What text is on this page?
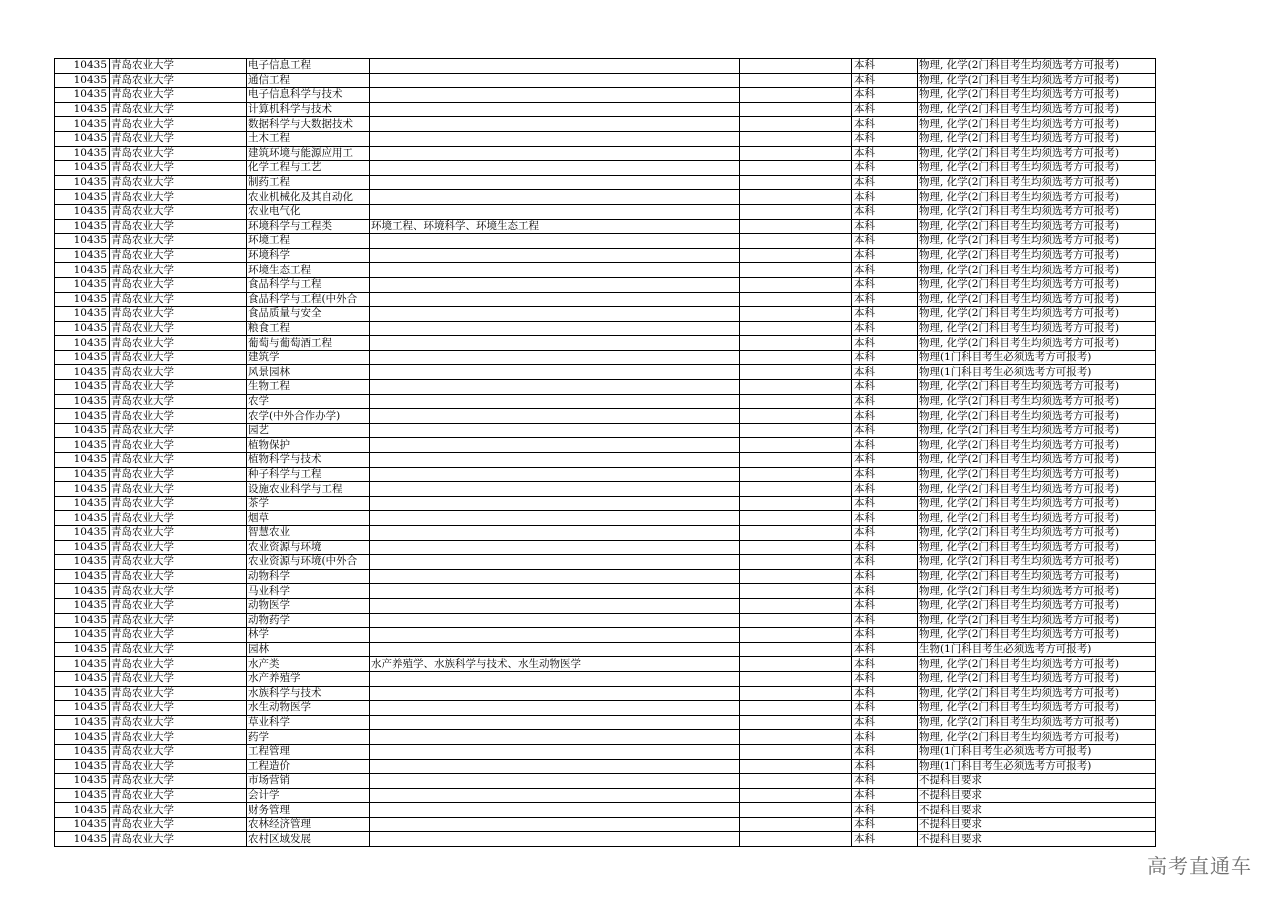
10435	青岛农业大学	电子信息工程			本科	物理, 化学(2门科目考生均须选考方可报考)
10435	青岛农业大学	通信工程			本科	物理, 化学(2门科目考生均须选考方可报考)
10435	青岛农业大学	电子信息科学与技术			本科	物理, 化学(2门科目考生均须选考方可报考)
10435	青岛农业大学	计算机科学与技术			本科	物理, 化学(2门科目考生均须选考方可报考)
10435	青岛农业大学	数据科学与大数据技术			本科	物理, 化学(2门科目考生均须选考方可报考)
10435	青岛农业大学	土木工程			本科	物理, 化学(2门科目考生均须选考方可报考)
10435	青岛农业大学	建筑环境与能源应用工			本科	物理, 化学(2门科目考生均须选考方可报考)
10435	青岛农业大学	化学工程与工艺			本科	物理, 化学(2门科目考生均须选考方可报考)
10435	青岛农业大学	制药工程			本科	物理, 化学(2门科目考生均须选考方可报考)
10435	青岛农业大学	农业机械化及其自动化			本科	物理, 化学(2门科目考生均须选考方可报考)
10435	青岛农业大学	农业电气化			本科	物理, 化学(2门科目考生均须选考方可报考)
10435	青岛农业大学	环境科学与工程类	环境工程、环境科学、环境生态工程		本科	物理, 化学(2门科目考生均须选考方可报考)
10435	青岛农业大学	环境工程			本科	物理, 化学(2门科目考生均须选考方可报考)
10435	青岛农业大学	环境科学			本科	物理, 化学(2门科目考生均须选考方可报考)
10435	青岛农业大学	环境生态工程			本科	物理, 化学(2门科目考生均须选考方可报考)
10435	青岛农业大学	食品科学与工程			本科	物理, 化学(2门科目考生均须选考方可报考)
10435	青岛农业大学	食品科学与工程(中外合			本科	物理, 化学(2门科目考生均须选考方可报考)
10435	青岛农业大学	食品质量与安全			本科	物理, 化学(2门科目考生均须选考方可报考)
10435	青岛农业大学	粮食工程			本科	物理, 化学(2门科目考生均须选考方可报考)
10435	青岛农业大学	葡萄与葡萄酒工程			本科	物理, 化学(2门科目考生均须选考方可报考)
10435	青岛农业大学	建筑学			本科	物理(1门科目考生必须选考方可报考)
10435	青岛农业大学	风景园林			本科	物理(1门科目考生必须选考方可报考)
10435	青岛农业大学	生物工程			本科	物理, 化学(2门科目考生均须选考方可报考)
10435	青岛农业大学	农学			本科	物理, 化学(2门科目考生均须选考方可报考)
10435	青岛农业大学	农学(中外合作办学)			本科	物理, 化学(2门科目考生均须选考方可报考)
10435	青岛农业大学	园艺			本科	物理, 化学(2门科目考生均须选考方可报考)
10435	青岛农业大学	植物保护			本科	物理, 化学(2门科目考生均须选考方可报考)
10435	青岛农业大学	植物科学与技术			本科	物理, 化学(2门科目考生均须选考方可报考)
10435	青岛农业大学	种子科学与工程			本科	物理, 化学(2门科目考生均须选考方可报考)
10435	青岛农业大学	设施农业科学与工程			本科	物理, 化学(2门科目考生均须选考方可报考)
10435	青岛农业大学	茶学			本科	物理, 化学(2门科目考生均须选考方可报考)
10435	青岛农业大学	烟草			本科	物理, 化学(2门科目考生均须选考方可报考)
10435	青岛农业大学	智慧农业			本科	物理, 化学(2门科目考生均须选考方可报考)
10435	青岛农业大学	农业资源与环境			本科	物理, 化学(2门科目考生均须选考方可报考)
10435	青岛农业大学	农业资源与环境(中外合			本科	物理, 化学(2门科目考生均须选考方可报考)
10435	青岛农业大学	动物科学			本科	物理, 化学(2门科目考生均须选考方可报考)
10435	青岛农业大学	马业科学			本科	物理, 化学(2门科目考生均须选考方可报考)
10435	青岛农业大学	动物医学			本科	物理, 化学(2门科目考生均须选考方可报考)
10435	青岛农业大学	动物药学			本科	物理, 化学(2门科目考生均须选考方可报考)
10435	青岛农业大学	林学			本科	物理, 化学(2门科目考生均须选考方可报考)
10435	青岛农业大学	园林			本科	生物(1门科目考生必须选考方可报考)
10435	青岛农业大学	水产类	水产养殖学、水族科学与技术、水生动物医学		本科	物理, 化学(2门科目考生均须选考方可报考)
10435	青岛农业大学	水产养殖学			本科	物理, 化学(2门科目考生均须选考方可报考)
10435	青岛农业大学	水族科学与技术			本科	物理, 化学(2门科目考生均须选考方可报考)
10435	青岛农业大学	水生动物医学			本科	物理, 化学(2门科目考生均须选考方可报考)
10435	青岛农业大学	草业科学			本科	物理, 化学(2门科目考生均须选考方可报考)
10435	青岛农业大学	药学			本科	物理, 化学(2门科目考生均须选考方可报考)
10435	青岛农业大学	工程管理			本科	物理(1门科目考生必须选考方可报考)
10435	青岛农业大学	工程造价			本科	物理(1门科目考生必须选考方可报考)
10435	青岛农业大学	市场营销			本科	不提科目要求
10435	青岛农业大学	会计学			本科	不提科目要求
10435	青岛农业大学	财务管理			本科	不提科目要求
10435	青岛农业大学	农林经济管理			本科	不提科目要求
10435	青岛农业大学	农村区域发展			本科	不提科目要求
高考直通车
